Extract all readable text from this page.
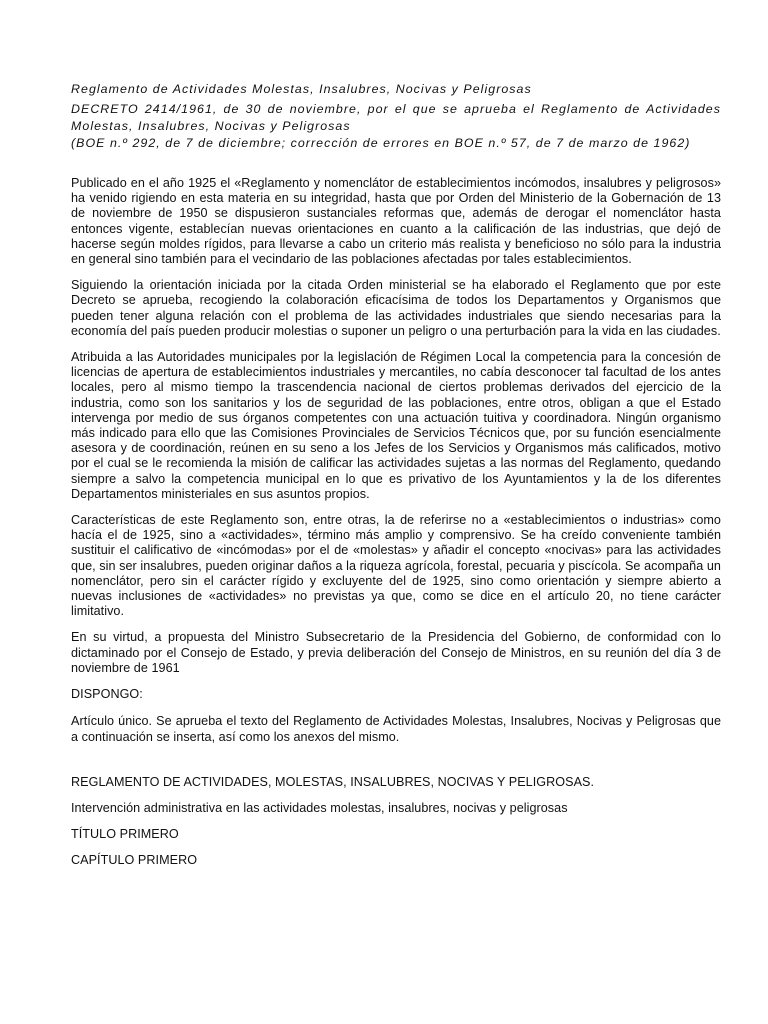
Reglamento de Actividades Molestas, Insalubres, Nocivas y Peligrosas

DECRETO 2414/1961, de 30 de noviembre, por el que se aprueba el Reglamento de Actividades Molestas, Insalubres, Nocivas y Peligrosas

(BOE n.º 292, de 7 de diciembre; corrección de errores en BOE n.º 57, de 7 de marzo de 1962)

Publicado en el año 1925 el «Reglamento y nomenclátor de establecimientos incómodos, insalubres y peligrosos» ha venido rigiendo en esta materia en su integridad, hasta que por Orden del Ministerio de la Gobernación de 13 de noviembre de 1950 se dispusieron sustanciales reformas que, además de derogar el nomenclátor hasta entonces vigente, establecían nuevas orientaciones en cuanto a la calificación de las industrias, que dejó de hacerse según moldes rígidos, para llevarse a cabo un criterio más realista y beneficioso no sólo para la industria en general sino también para el vecindario de las poblaciones afectadas por tales establecimientos.

Siguiendo la orientación iniciada por la citada Orden ministerial se ha elaborado el Reglamento que por este Decreto se aprueba, recogiendo la colaboración eficacísima de todos los Departamentos y Organismos que pueden tener alguna relación con el problema de las actividades industriales que siendo necesarias para la economía del país pueden producir molestias o suponer un peligro o una perturbación para la vida en las ciudades.

Atribuida a las Autoridades municipales por la legislación de Régimen Local la competencia para la concesión de licencias de apertura de establecimientos industriales y mercantiles, no cabía desconocer tal facultad de los antes locales, pero al mismo tiempo la trascendencia nacional de ciertos problemas derivados del ejercicio de la industria, como son los sanitarios y los de seguridad de las poblaciones, entre otros, obligan a que el Estado intervenga por medio de sus órganos competentes con una actuación tuitiva y coordinadora. Ningún organismo más indicado para ello que las Comisiones Provinciales de Servicios Técnicos que, por su función esencialmente asesora y de coordinación, reúnen en su seno a los Jefes de los Servicios y Organismos más calificados, motivo por el cual se le recomienda la misión de calificar las actividades sujetas a las normas del Reglamento, quedando siempre a salvo la competencia municipal en lo que es privativo de los Ayuntamientos y la de los diferentes Departamentos ministeriales en sus asuntos propios.

Características de este Reglamento son, entre otras, la de referirse no a «establecimientos o industrias» como hacía el de 1925, sino a «actividades», término más amplio y comprensivo. Se ha creído conveniente también sustituir el calificativo de «incómodas» por el de «molestas» y añadir el concepto «nocivas» para las actividades que, sin ser insalubres, pueden originar daños a la riqueza agrícola, forestal, pecuaria y piscícola. Se acompaña un nomenclátor, pero sin el carácter rígido y excluyente del de 1925, sino como orientación y siempre abierto a nuevas inclusiones de «actividades» no previstas ya que, como se dice en el artículo 20, no tiene carácter limitativo.

En su virtud, a propuesta del Ministro Subsecretario de la Presidencia del Gobierno, de conformidad con lo dictaminado por el Consejo de Estado, y previa deliberación del Consejo de Ministros, en su reunión del día 3 de noviembre de 1961

DISPONGO:

Artículo único. Se aprueba el texto del Reglamento de Actividades Molestas, Insalubres, Nocivas y Peligrosas que a continuación se inserta, así como los anexos del mismo.

REGLAMENTO DE ACTIVIDADES, MOLESTAS, INSALUBRES, NOCIVAS Y PELIGROSAS.

Intervención administrativa en las actividades molestas, insalubres, nocivas y peligrosas

TÍTULO PRIMERO

CAPÍTULO PRIMERO
